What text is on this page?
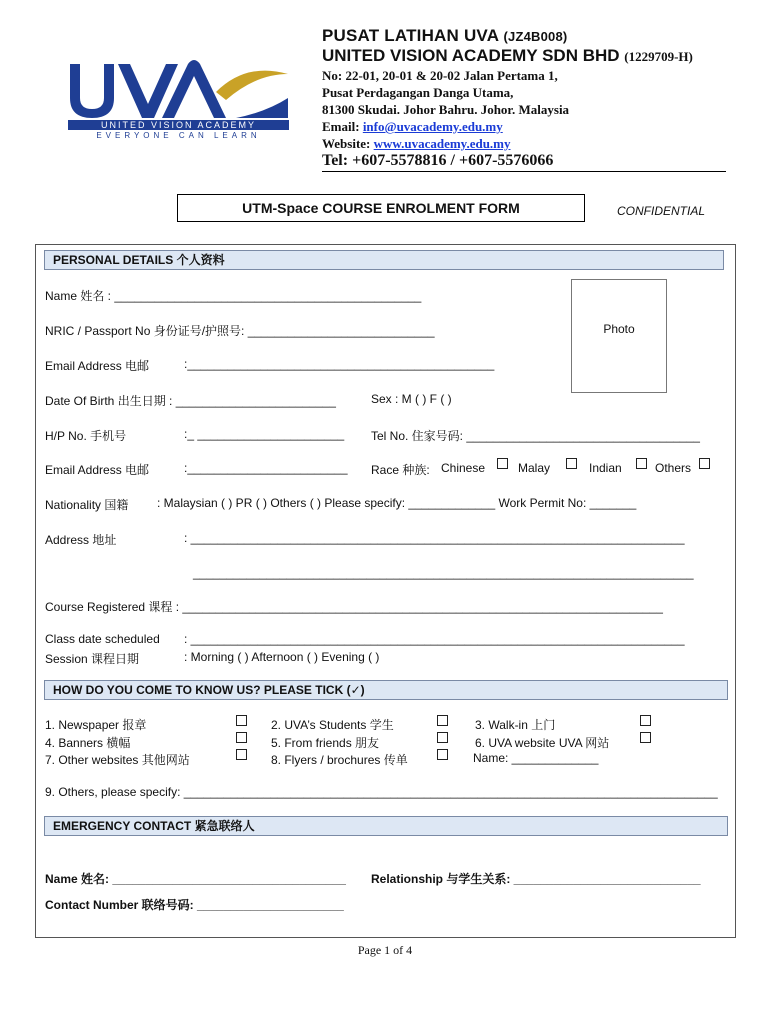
UNITED VISION ACADEMY
EVERYONE CAN LEARN
PUSAT LATIHAN UVA (JZ4B008)
UNITED VISION ACADEMY SDN BHD (1229709-H)
No: 22-01, 20-01 & 20-02 Jalan Pertama 1,
Pusat Perdagangan Danga Utama,
81300 Skudai. Johor Bahru. Johor. Malaysia
Email: info@uvacademy.edu.my
Website: www.uvacademy.edu.my
Tel: +607-5578816 / +607-5576066
UTM-Space COURSE ENROLMENT FORM	CONFIDENTIAL
PERSONAL DETAILS 个人资料
Name 姓名 : ______________________________________________
NRIC / Passport No 身份证号/护照号: ____________________________	Photo
Email Address 电邮	:______________________________________________
Date Of Birth 出生日期 : ________________________	Sex : M ( ) F ( )
H/P No. 手机号	:_ ______________________ Tel No. 住家号码: ___________________________________
Email Address 电邮	:________________________ Race 种族: Chinese	Malay	Indian	Others
Nationality 国籍 : Malaysian ( ) PR ( ) Others ( ) Please specify: _____________ Work Permit No: _______
Address 地址	: __________________________________________________________________________
___________________________________________________________________________
Course Registered 课程 : ________________________________________________________________________
Class date scheduled : __________________________________________________________________________
Session 课程日期	: Morning ( ) Afternoon ( ) Evening ( )
HOW DO YOU COME TO KNOW US? PLEASE TICK (✓)
1. Newspaper 报章
4. Banners 横幅
7. Other websites 其他网站
2. UVA’s Students 学生
5. From friends 朋友
8. Flyers / brochures 传单
3. Walk-in 上门
6. UVA website UVA 网站
Name: _____________
9. Others, please specify: ________________________________________________________________________________
EMERGENCY CONTACT 紧急联络人
Name 姓名: ___________________________________ Relationship 与学生关系: ____________________________
Contact Number 联络号码: ______________________
Page 1 of 4
